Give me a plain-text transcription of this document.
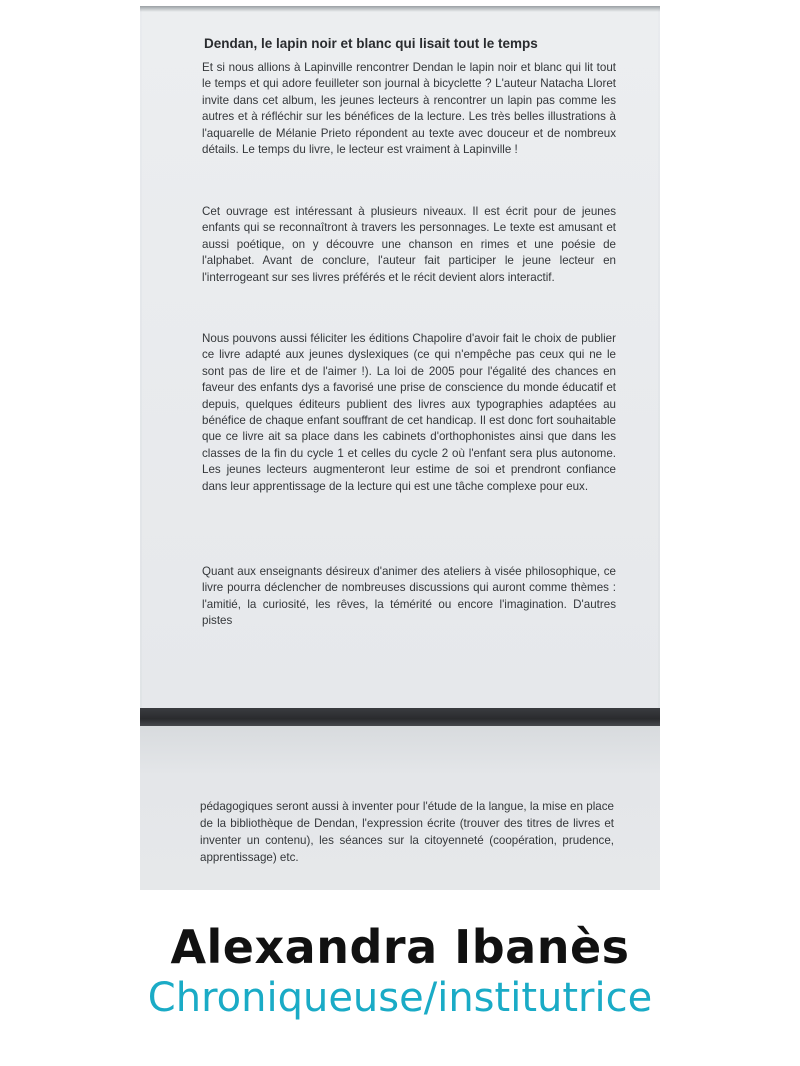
Dendan, le lapin noir et blanc qui lisait tout le temps

Et si nous allions à Lapinville rencontrer Dendan le lapin noir et blanc qui lit tout le temps et qui adore feuilleter son journal à bicyclette ? L'auteur Natacha Lloret invite dans cet album, les jeunes lecteurs à rencontrer un lapin pas comme les autres et à réfléchir sur les bénéfices de la lecture. Les très belles illustrations à l'aquarelle de Mélanie Prieto répondent au texte avec douceur et de nombreux détails. Le temps du livre, le lecteur est vraiment à Lapinville !

Cet ouvrage est intéressant à plusieurs niveaux. Il est écrit pour de jeunes enfants qui se reconnaîtront à travers les personnages. Le texte est amusant et aussi poétique, on y découvre une chanson en rimes et une poésie de l'alphabet. Avant de conclure, l'auteur fait participer le jeune lecteur en l'interrogeant sur ses livres préférés et le récit devient alors interactif.

Nous pouvons aussi féliciter les éditions Chapolire d'avoir fait le choix de publier ce livre adapté aux jeunes dyslexiques (ce qui n'empêche pas ceux qui ne le sont pas de lire et de l'aimer !). La loi de 2005 pour l'égalité des chances en faveur des enfants dys a favorisé une prise de conscience du monde éducatif et depuis, quelques éditeurs publient des livres aux typographies adaptées au bénéfice de chaque enfant souffrant de cet handicap. Il est donc fort souhaitable que ce livre ait sa place dans les cabinets d'orthophonistes ainsi que dans les classes de la fin du cycle 1 et celles du cycle 2 où l'enfant sera plus autonome. Les jeunes lecteurs augmenteront leur estime de soi et prendront confiance dans leur apprentissage de la lecture qui est une tâche complexe pour eux.

Quant aux enseignants désireux d'animer des ateliers à visée philosophique, ce livre pourra déclencher de nombreuses discussions qui auront comme thèmes : l'amitié, la curiosité, les rêves, la témérité ou encore l'imagination. D'autres pistes

pédagogiques seront aussi à inventer pour l'étude de la langue, la mise en place de la bibliothèque de Dendan, l'expression écrite (trouver des titres de livres et inventer un contenu), les séances sur la citoyenneté (coopération, prudence, apprentissage) etc.

Alexandra Ibanès
Chroniqueuse/institutrice
